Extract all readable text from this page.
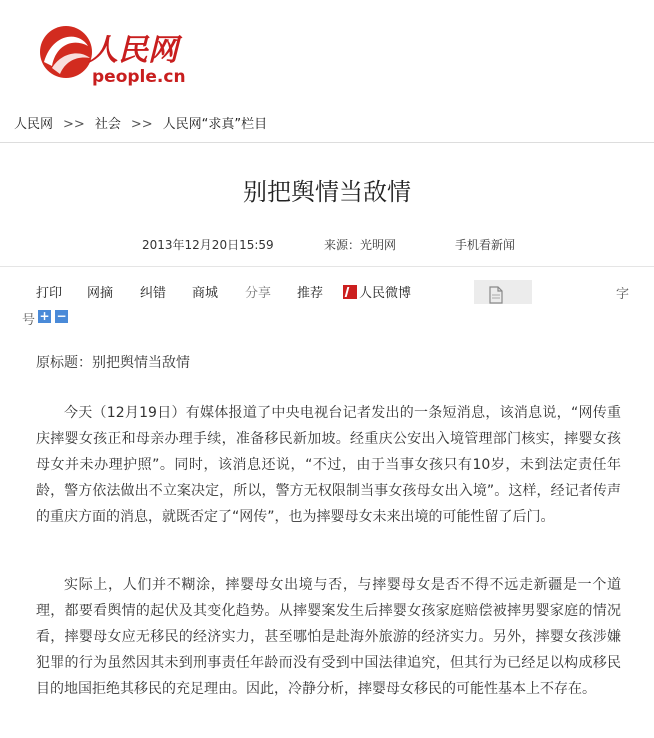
人民网
people.cn
人民网 >> 社会 >> 人民网“求真”栏目
别把舆情当敌情
2013年12月20日15:59	来源：光明网	手机看新闻
打印 网摘 纠错 商城 分享 推荐	人民微博	字
号 + −
原标题：别把舆情当敌情

今天（12月19日）有媒体报道了中央电视台记者发出的一条短消息，该消息说，“网传重庆摔婴女孩正和母亲办理手续，准备移民新加坡。经重庆公安出入境管理部门核实，摔婴女孩母女并未办理护照”。同时，该消息还说，“不过，由于当事女孩只有10岁，未到法定责任年龄，警方依法做出不立案决定，所以，警方无权限制当事女孩母女出入境”。这样，经记者传声的重庆方面的消息，就既否定了“网传”，也为摔婴母女未来出境的可能性留了后门。

实际上，人们并不糊涂，摔婴母女出境与否，与摔婴母女是否不得不远走新疆是一个道理，都要看舆情的起伏及其变化趋势。从摔婴案发生后摔婴女孩家庭赔偿被摔男婴家庭的情况看，摔婴母女应无移民的经济实力，甚至哪怕是赴海外旅游的经济实力。另外，摔婴女孩涉嫌犯罪的行为虽然因其未到刑事责任年龄而没有受到中国法律追究，但其行为已经足以构成移民目的地国拒绝其移民的充足理由。因此，冷静分析，摔婴母女移民的可能性基本上不存在。
